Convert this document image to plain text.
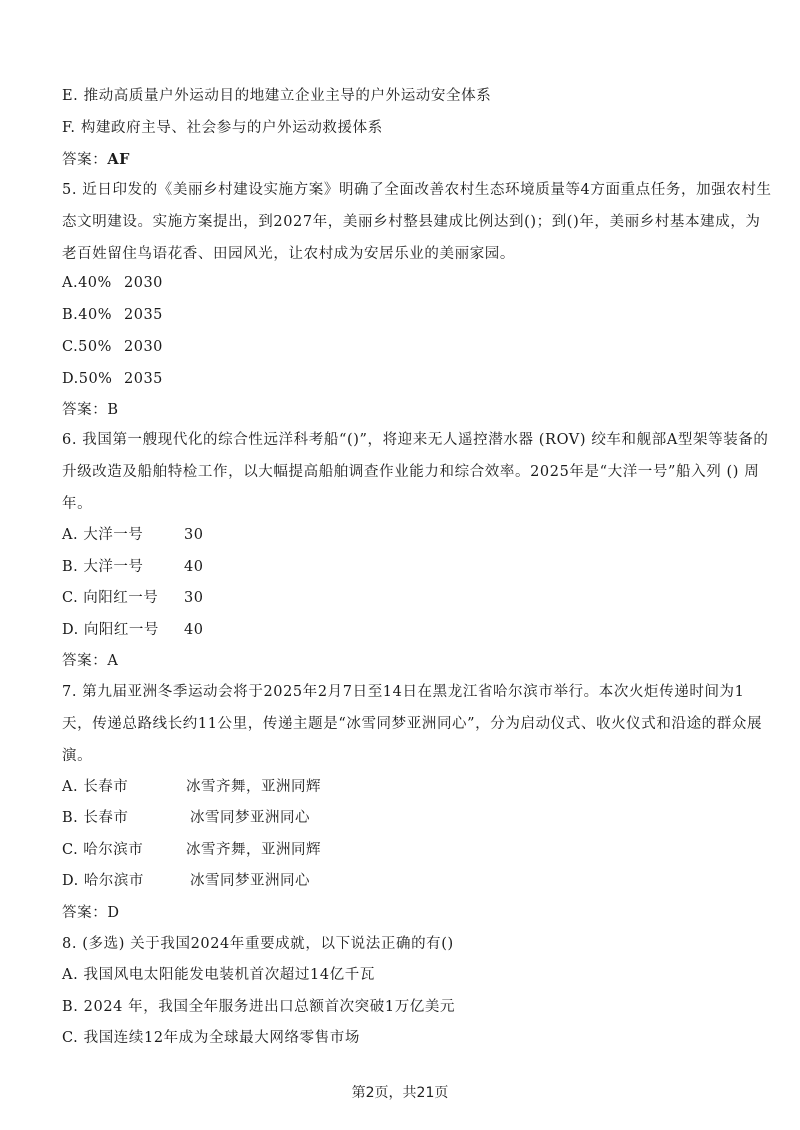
E. 推动高质量户外运动目的地建立企业主导的户外运动安全体系
F. 构建政府主导、社会参与的户外运动救援体系
答案：AF
5. 近日印发的《美丽乡村建设实施方案》明确了全面改善农村生态环境质量等4方面重点任务，加强农村生态文明建设。实施方案提出，到2027年，美丽乡村整县建成比例达到()；到()年，美丽乡村基本建成，为老百姓留住鸟语花香、田园风光，让农村成为安居乐业的美丽家园。
A.40% 2030
B.40% 2035
C.50% 2030
D.50% 2035
答案：B
6. 我国第一艘现代化的综合性远洋科考船“()”，将迎来无人遥控潜水器 (ROV) 绞车和舰部A型架等装备的升级改造及船舶特检工作，以大幅提高船舶调查作业能力和综合效率。2025年是“大洋一号”船入列 () 周年。
A. 大洋一号	30
B. 大洋一号	40
C. 向阳红一号 30
D. 向阳红一号 40
答案：A
7. 第九届亚洲冬季运动会将于2025年2月7日至14日在黑龙江省哈尔滨市举行。本次火炬传递时间为1天，传递总路线长约11公里，传递主题是“冰雪同梦亚洲同心”，分为启动仪式、收火仪式和沿途的群众展演。
A. 长春市	冰雪齐舞，亚洲同辉
B. 长春市	冰雪同梦亚洲同心
C. 哈尔滨市	冰雪齐舞，亚洲同辉
D. 哈尔滨市	冰雪同梦亚洲同心
答案：D
8. (多选) 关于我国2024年重要成就，以下说法正确的有()
A. 我国风电太阳能发电装机首次超过14亿千瓦
B. 2024 年，我国全年服务进出口总额首次突破1万亿美元
C. 我国连续12年成为全球最大网络零售市场
第2页，共21页
